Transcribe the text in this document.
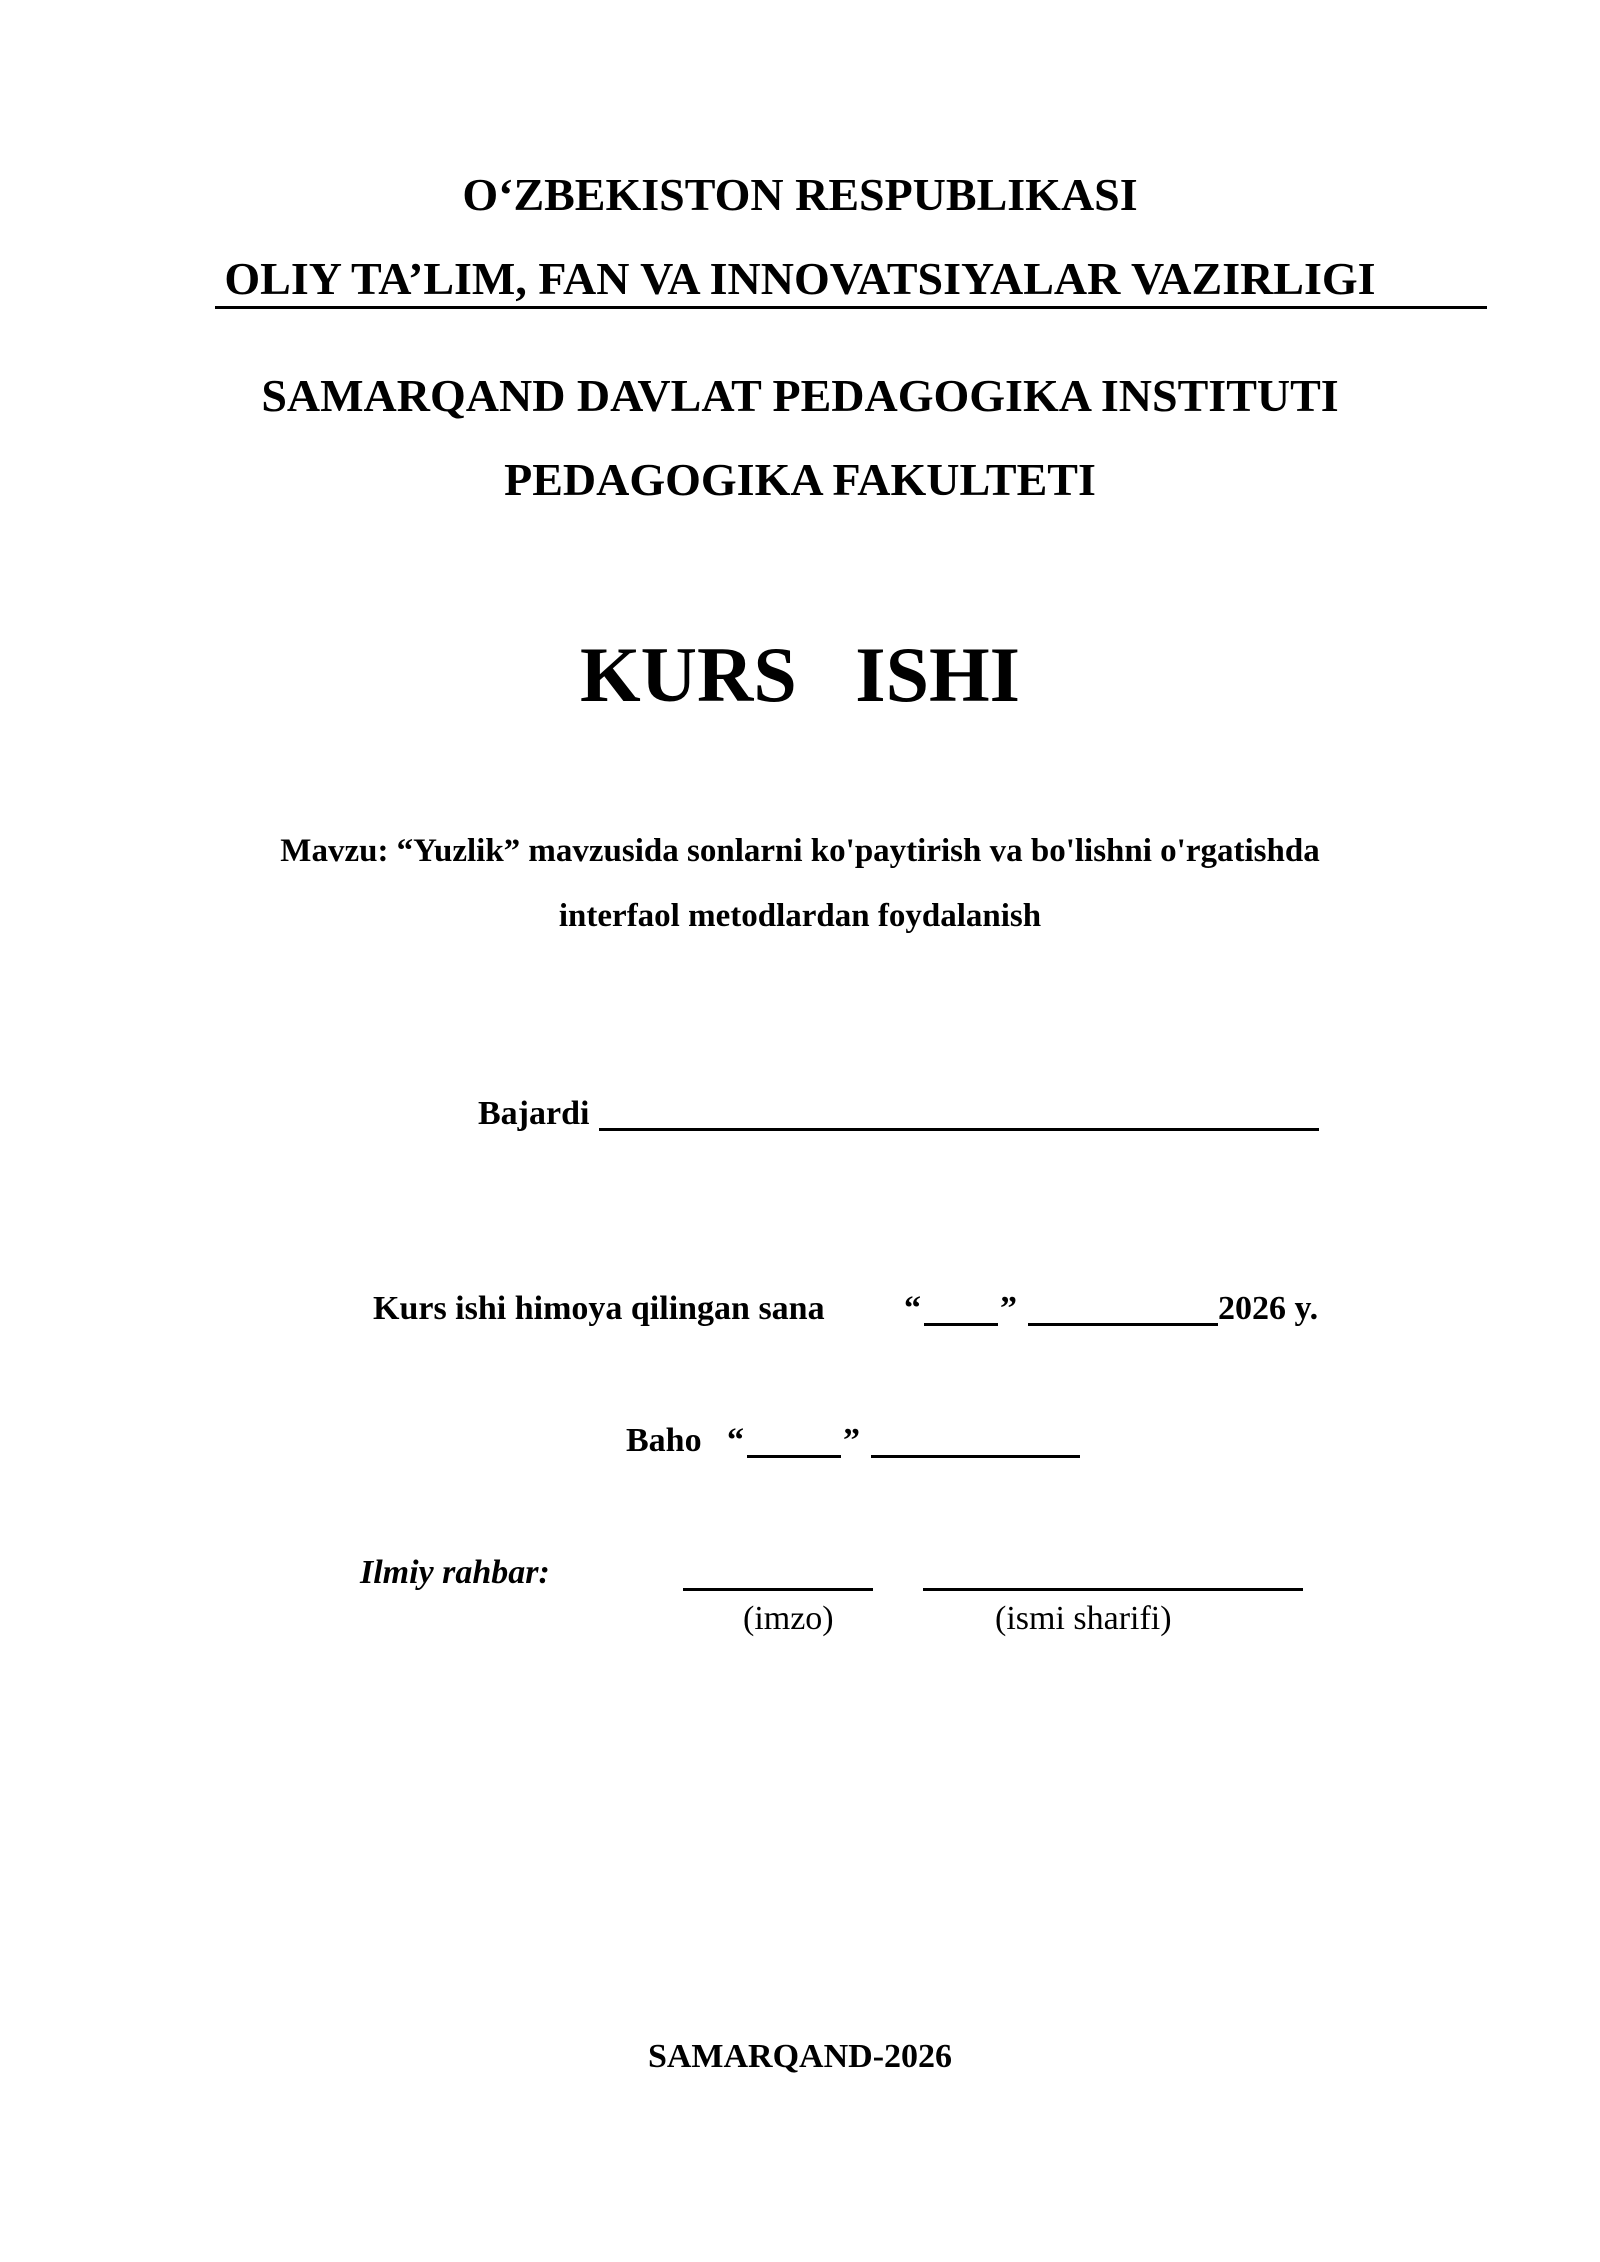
O‘ZBEKISTON RESPUBLIKASI
OLIY TA’LIM, FAN VA INNOVATSIYALAR VAZIRLIGI
SAMARQAND DAVLAT PEDAGOGIKA INSTITUTI
PEDAGOGIKA FAKULTETI
KURS   ISHI
Mavzu: “Yuzlik” mavzusida sonlarni ko'paytirish va bo'lishni o'rgatishda
interfaol metodlardan foydalanish
Bajardi
Kurs ishi himoya qilingan sana “ ”	2026 y.
Baho “	”
Ilmiy rahbar:
(imzo)	(ismi sharifi)
SAMARQAND-2026
